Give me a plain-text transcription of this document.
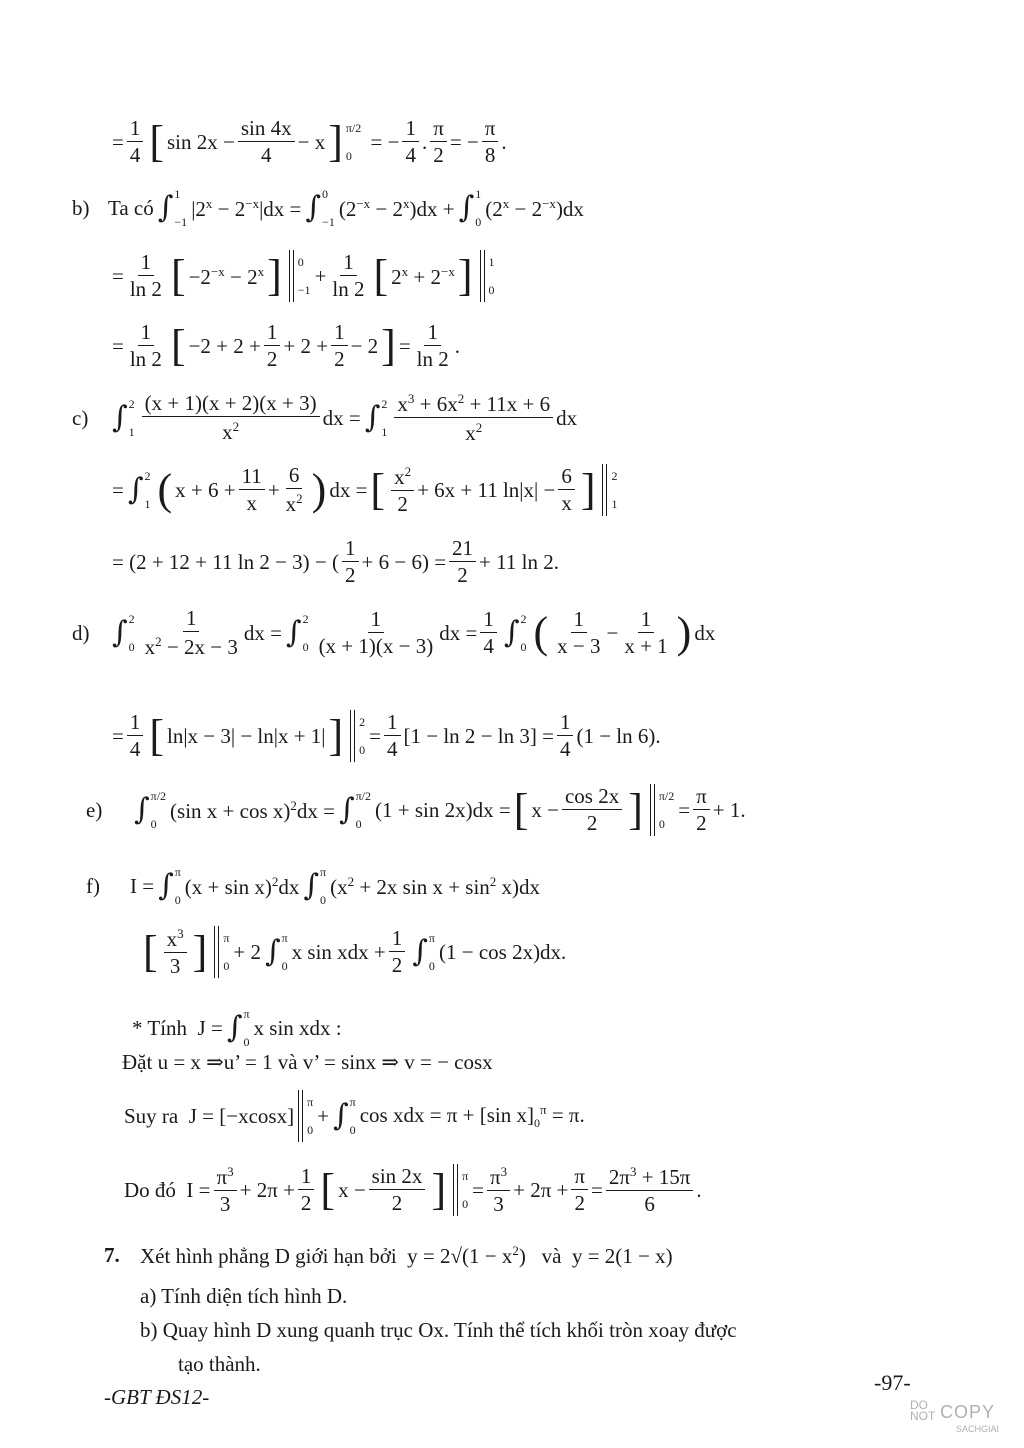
= $\frac{1}{4}$ [ $\sin 2x - \frac{\sin 4x}{4} - x$ ] π/2
0
= − $\frac{1}{4}$ . $\frac{\pi}{2}$ = − $\frac{\pi}{8}$ .
b) Ta có ∫ 1
−1
$|2^x - 2^{-x}|dx$ = ∫ 0
−1
$(2^{-x} - 2^x)dx$ + ∫ 1
0
$(2^x - 2^{-x})dx$
= $\frac{1}{\ln 2}$ [ $-2^{-x} - 2^x$ ] 0
−1
+ $\frac{1}{\ln 2}$ [ $2^x + 2^{-x}$ ] 1
0
= $\frac{1}{\ln 2}$ [ $-2 + 2 + \frac{1}{2} + 2 + \frac{1}{2} - 2$ ] = $\frac{1}{\ln 2}$ .
c) ∫ 2
$1 \frac{(x + 1)(x + 2)(x + 3)}{x^2}$ dx = ∫ 2
$1 \frac{x^3 + 6x^2 + 11x + 6}{x^2}$ dx
= ∫ 2
1 ( $x + 6 + \frac{11}{x} + \frac{6}{x^2}$ ) dx = [ $\frac{x^2}{2} + 6x + 11$ $\ln|x| - \frac{6}{x}$ ] 2
1
= (2 + 12 + 11 ln 2 − 3) − ( $\frac{1}{2} + 6 - 6) = \frac{21}{2} + 11$ ln 2.
d) ∫ 2
$0 \frac{1}{x^2 - 2x - 3}$ dx = ∫ 2
$0 \frac{1}{(x + 1)(x - 3)}$ dx = $\frac{1}{4}$ ∫ 2
0 ( $\frac{1}{x - 3} - \frac{1}{x + 1}$ ) dx
= $\frac{1}{4}$ [ ln|x − 3| − ln|x + 1| ] 2
0
= $\frac{1}{4} [1 - \ln 2 - \ln 3] = \frac{1}{4} (1 - \ln 6)$.
e)	∫ π/2
0
(sin x + cos x)$^2$dx = ∫ π/2
0
(1 + sin 2x)dx = [ $x - \frac{\cos 2x}{2}$ ] π/2
0
= $\frac{\pi}{2} + 1$.
f)	I = ∫ π
0
$(x + \sin x)^2dx$ ∫ π
0
($x^2 + 2x$ $\sin x + \sin^2 x)dx$
[ $\frac{x^3}{3}$ ] π
0
+ 2 ∫ π
0
x sin xdx + $\frac{1}{2}$ ∫ π
0
(1 − cos 2x)dx.
* Tính  J = ∫ π
0
x sin xdx :
Đặt u = x ⇒u’ = 1 và v’ = sinx ⇒ v = − cosx
Suy ra  J = [−xcosx]
π
0
+ ∫ π
0
cos xdx = π + [sin $x]_0^\pi = \pi$.
Do đó  $I = \frac{\pi^3}{3} + 2\pi + \frac{1}{2}$ [ $x - \frac{\sin 2x}{2}$ ] π
0
= $\frac{\pi^3}{3} + 2\pi + \frac{\pi}{2} = \frac{2\pi^3 + 15\pi}{6}$ .
7. Xét hình phẳng D giới hạn bởi  $y = 2√(1 - x^2)$   và  y = 2(1 − x)
a) Tính diện tích hình D.
b) Quay hình D xung quanh trục Ox. Tính thể tích khối tròn xoay được
tạo thành.
-GBT ĐS12-
-97-
DO
NOT COPY
SACHGIAI
